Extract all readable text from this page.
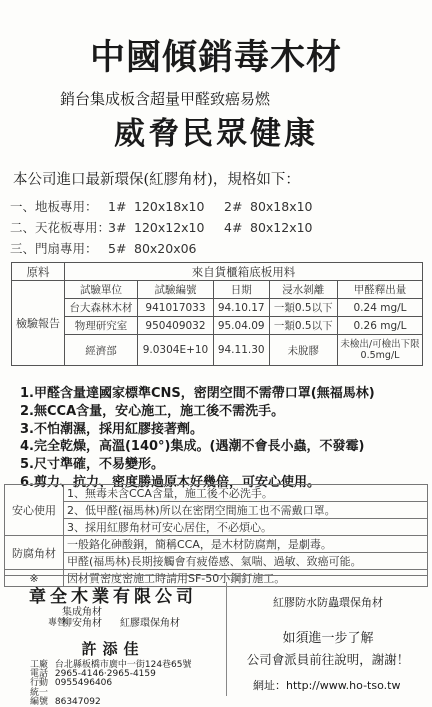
中國傾銷毒木材
銷台集成板含超量甲醛致癌易燃
威脅民眾健康
本公司進口最新環保(紅膠角材)，規格如下：
一、地板專用： 1# 120x18x10 2# 80x18x10
二、天花板專用：3# 120x12x10 4# 80x12x10
三、門扇專用： 5# 80x20x06
原料	來自貨櫃箱底板用料				
檢驗報告	試驗單位	試驗編號	日期	浸水剝離	甲醛釋出量
	台大森林木材	941017033	94.10.17	一類0.5以下	0.24 mg/L
	物理研究室	950409032	95.04.09	一類0.5以下	0.26 mg/L
	經濟部	9.0304E+10	94.11.30	未脫膠	未檢出/可檢出下限0.5mg/L
1.甲醛含量達國家標準CNS，密閉空間不需帶口罩(無福馬林)
2.無CCA含量，安心施工，施工後不需洗手。
3.不怕潮濕，採用紅膠接著劑。
4.完全乾燥，高溫(140°)集成。(遇潮不會長小蟲，不發霉)
5.尺寸準確，不易變形。
6.剪力、抗力、密度勝過原木好幾倍，可安心使用。
安心使用	1、無毒未含CCA含量，施工後不必洗手。
	2、低甲醛(福馬林)所以在密閉空間施工也不需戴口罩。
	3、採用紅膠角材可安心居住，不必煩心。
防腐角材	一般鉻化砷酸銅，簡稱CCA，是木材防腐劑，是劇毒。
	甲醛(福馬林)長期接觸會有疲倦感、氣喘、過敏、致癌可能。
※	因材質密度密施工時請用SF-50小鋼釘施工。
章全木業有限公司
專營
集成角材
柳安角材 紅膠環保角材
許添佳
工廠 台北縣板橋市廣中一街124巷65號
電話 2965-4146·2965-4159
行動 0955496406
統一編號 86347092
紅膠防水防蟲環保角材
如須進一步了解
公司會派員前往說明，謝謝！
網址：http://www.ho-tso.tw
